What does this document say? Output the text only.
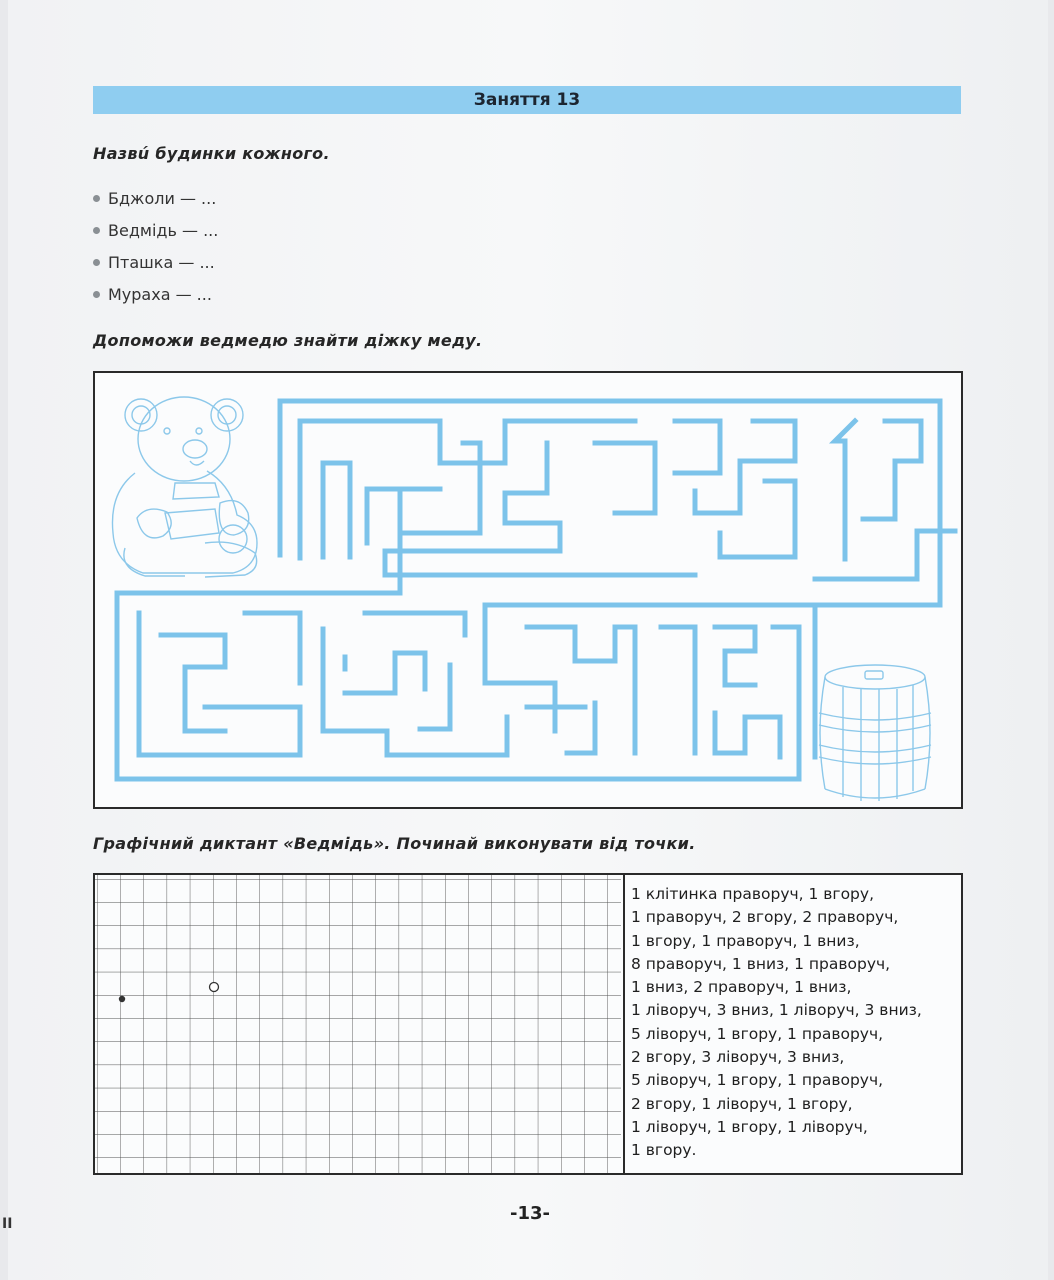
Заняття 13
Назвú будинки кожного.
Бджоли — ...
Ведмідь — ...
Пташка — ...
Мураха — ...
Допоможи ведмедю знайти діжку меду.
Графічний диктант «Ведмідь». Починай виконувати від точки.
1 клітинка праворуч, 1 вгору,
1 праворуч, 2 вгору, 2 праворуч,
1 вгору, 1 праворуч, 1 вниз,
8 праворуч, 1 вниз, 1 праворуч,
1 вниз, 2 праворуч, 1 вниз,
1 ліворуч, 3 вниз, 1 ліворуч, 3 вниз,
5 ліворуч, 1 вгору, 1 праворуч,
2 вгору, 3 ліворуч, 3 вниз,
5 ліворуч, 1 вгору, 1 праворуч,
2 вгору, 1 ліворуч, 1 вгору,
1 ліворуч, 1 вгору, 1 ліворуч,
1 вгору.
-13-
II
